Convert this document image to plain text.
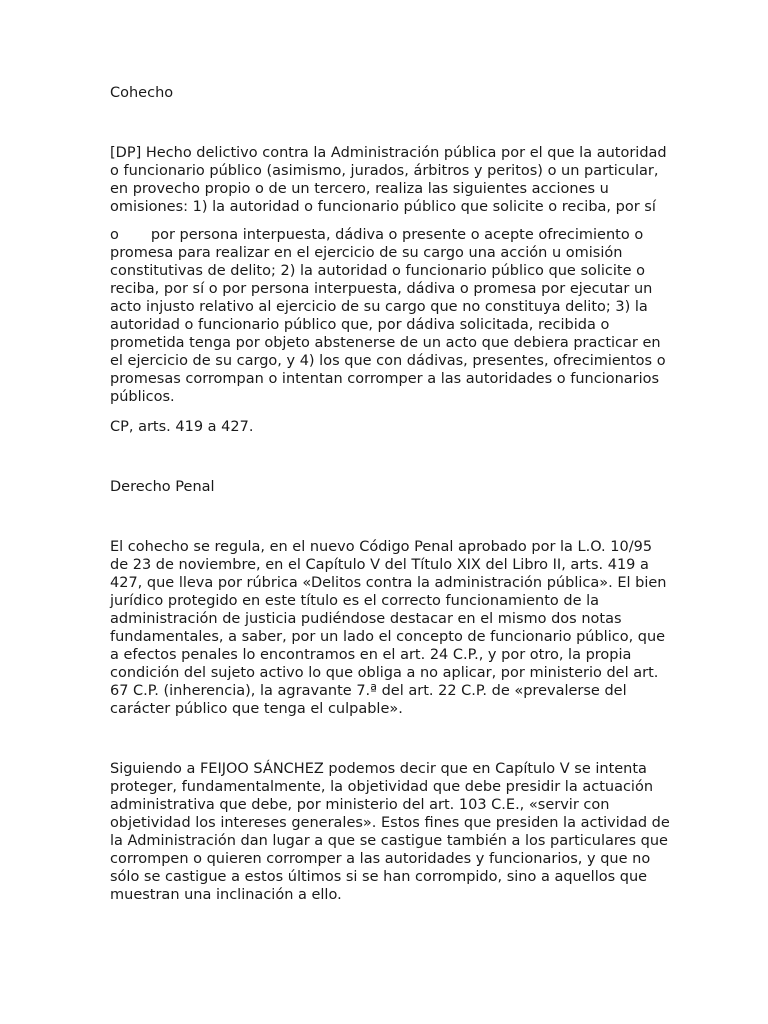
Cohecho
[DP] Hecho delictivo contra la Administración pública por el que la autoridad
o funcionario público (asimismo, jurados, árbitros y peritos) o un particular,
en provecho propio o de un tercero, realiza las siguientes acciones u
omisiones: 1) la autoridad o funcionario público que solicite o reciba, por sí
o por persona interpuesta, dádiva o presente o acepte ofrecimiento o
promesa para realizar en el ejercicio de su cargo una acción u omisión
constitutivas de delito; 2) la autoridad o funcionario público que solicite o
reciba, por sí o por persona interpuesta, dádiva o promesa por ejecutar un
acto injusto relativo al ejercicio de su cargo que no constituya delito; 3) la
autoridad o funcionario público que, por dádiva solicitada, recibida o
prometida tenga por objeto abstenerse de un acto que debiera practicar en
el ejercicio de su cargo, y 4) los que con dádivas, presentes, ofrecimientos o
promesas corrompan o intentan corromper a las autoridades o funcionarios
públicos.
CP, arts. 419 a 427.
Derecho Penal
El cohecho se regula, en el nuevo Código Penal aprobado por la L.O. 10/95
de 23 de noviembre, en el Capítulo V del Título XIX del Libro II, arts. 419 a
427, que lleva por rúbrica «Delitos contra la administración pública». El bien
jurídico protegido en este título es el correcto funcionamiento de la
administración de justicia pudiéndose destacar en el mismo dos notas
fundamentales, a saber, por un lado el concepto de funcionario público, que
a efectos penales lo encontramos en el art. 24 C.P., y por otro, la propia
condición del sujeto activo lo que obliga a no aplicar, por ministerio del art.
67 C.P. (inherencia), la agravante 7.ª del art. 22 C.P. de «prevalerse del
carácter público que tenga el culpable».
Siguiendo a FEIJOO SÁNCHEZ podemos decir que en Capítulo V se intenta
proteger, fundamentalmente, la objetividad que debe presidir la actuación
administrativa que debe, por ministerio del art. 103 C.E., «servir con
objetividad los intereses generales». Estos fines que presiden la actividad de
la Administración dan lugar a que se castigue también a los particulares que
corrompen o quieren corromper a las autoridades y funcionarios, y que no
sólo se castigue a estos últimos si se han corrompido, sino a aquellos que
muestran una inclinación a ello.
